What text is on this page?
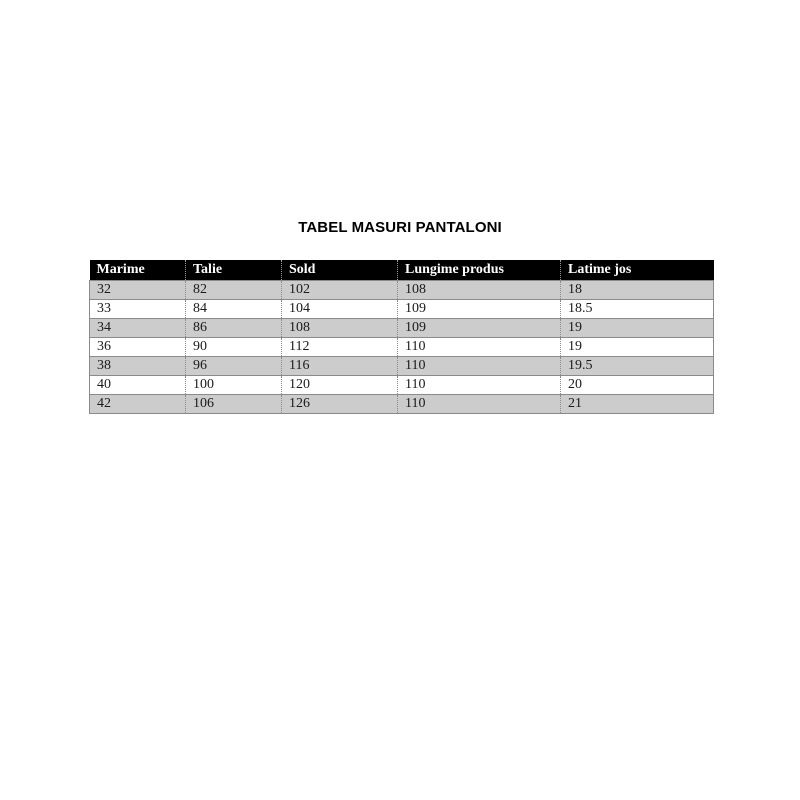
TABEL MASURI PANTALONI
Marime	Talie	Sold	Lungime produs	Latime jos
32	82	102	108	18
33	84	104	109	18.5
34	86	108	109	19
36	90	112	110	19
38	96	116	110	19.5
40	100	120	110	20
42	106	126	110	21
